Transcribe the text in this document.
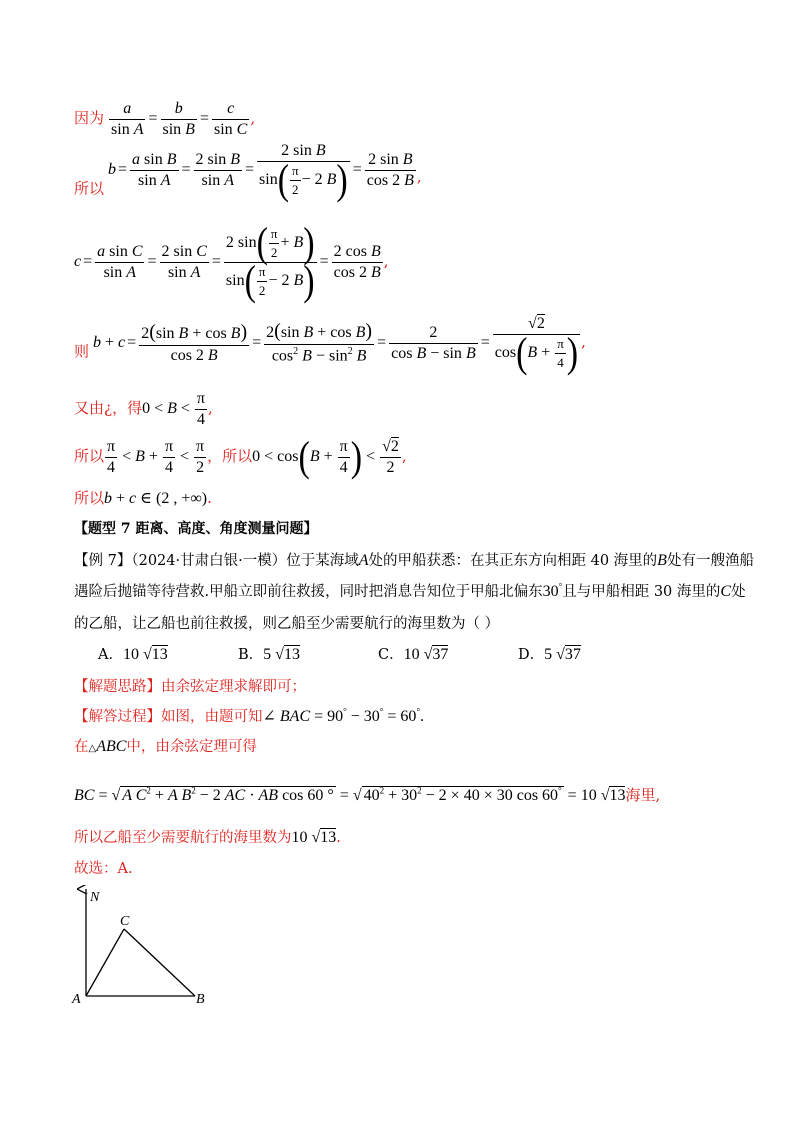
因为 $\frac{a}{\text{sin A}} = \frac{b}{\text{sin B}} = \frac{c}{\text{sin C}}$ ,
所以 $b = \frac{\text{a sin B}}{\text{sin A}} = \frac{\text{2 sin B}}{\text{sin A}} = \frac{\text{2 sin B}}{\sin( \frac{\pi}{2} - 2 B)} = \frac{\text{2 sin B}}{\cos 2 B}$ ,
$c = \frac{\text{a sin C}}{\text{sin A}} = \frac{\text{2 sin C}}{\text{sin A}} = \frac{2 \sin( \frac{\pi}{2} + B)}{\sin( \frac{\pi}{2} - 2 B)} = \frac{\text{2 cos B}}{\cos 2 B}$ ,
则 $b + c = \frac{\text{2(sin B + cos B)}}{\cos 2 B} = \frac{\text{2(sin B + cos B)}}{\cos^2 B - \sin^2 B} = \frac{2}{\text{cos B − sin B}} = \frac{√2}{\cos(B + \frac{\pi}{4} )}$ ,
又由¿，得$0 < B < \frac{\pi}{4}$ ,
所以 $\frac{\pi}{4} < B + \frac{\pi}{4} < \frac{\pi}{2}$ ，所以$0 < \cos(B + \frac{\pi}{4}$ ) < $\frac{√2}{2}$ ,
所以b + c ∈ (2 , +∞).
【题型 7 距离、高度、角度测量问题】
【例 7】（2024·甘肃白银·一模）位于某海域A处的甲船获悉：在其正东方向相距 40 海里的B处有一艘渔船
遇险后抛锚等待营救.甲船立即前往救援，同时把消息告知位于甲船北偏东30°且与甲船相距 30 海里的C处
的乙船，让乙船也前往救援，则乙船至少需要航行的海里数为（ ）
A．10 √13	B．5 √13	C．10 √37	D．5 √37
【解题思路】由余弦定理求解即可；
【解答过程】如图，由题可知∠ BAC = 90° − 30° = 60°.
在△ABC中，由余弦定理可得
BC = √ A $C^2 + A$ $B^2 - 2$ AC · AB cos 60 ° = √ $40^2 + 30^2 - 2 \times 40 \times 30$ cos 60° = 10 √13海里,
所以乙船至少需要航行的海里数为10 √13.
故选：A.
N
C
A	B
